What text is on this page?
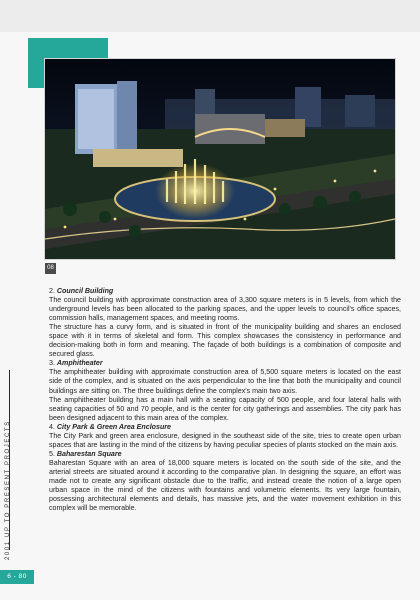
08

2. Council Building

The council building with approximate construction area of 3,300 square meters is in 5 levels, from which the underground levels has been allocated to the parking spaces, and the upper levels to council's office spaces, commission halls, management spaces, and meeting rooms.

The structure has a curvy form, and is situated in front of the municipality building and shares an enclosed space with it in terms of skeletal and form. This complex showcases the consistency in performance and decision-making both in form and meaning. The façade of both buildings is a combination of composite and secured glass.

3. Amphitheater

The amphitheater building with approximate construction area of 5,500 square meters is located on the east side of the complex, and is situated on the axis perpendicular to the line that both the municipality and council buildings are sitting on. The three buildings define the complex's main two axis.

The amphitheater building has a main hall with a seating capacity of 500 people, and four lateral halls with seating capacities of 50 and 70 people, and is the center for city gatherings and assemblies. The city park has been designed adjacent to this main area of the complex.

4. City Park & Green Area Enclosure

The City Park and green area enclosure, designed in the southeast side of the site, tries to create open urban spaces that are lasting in the mind of the citizens by having peculiar species of plants stocked on the main axis.

5. Baharestan Square

Baharestan Square with an area of 18,000 square meters is located on the south side of the site, and the arterial streets are situated around it according to the comparative plan. In designing the square, an effort was made not to create any significant obstacle due to the traffic, and instead create the notion of a large open urban space in the mind of the citizens with fountains and volumetric elements. Its very large fountain, possessing architectural elements and details, has massive jets, and the water movement exhibition in this complex will be memorable.

2001 UP TO PRESENT PROJECTS
6 - 80
